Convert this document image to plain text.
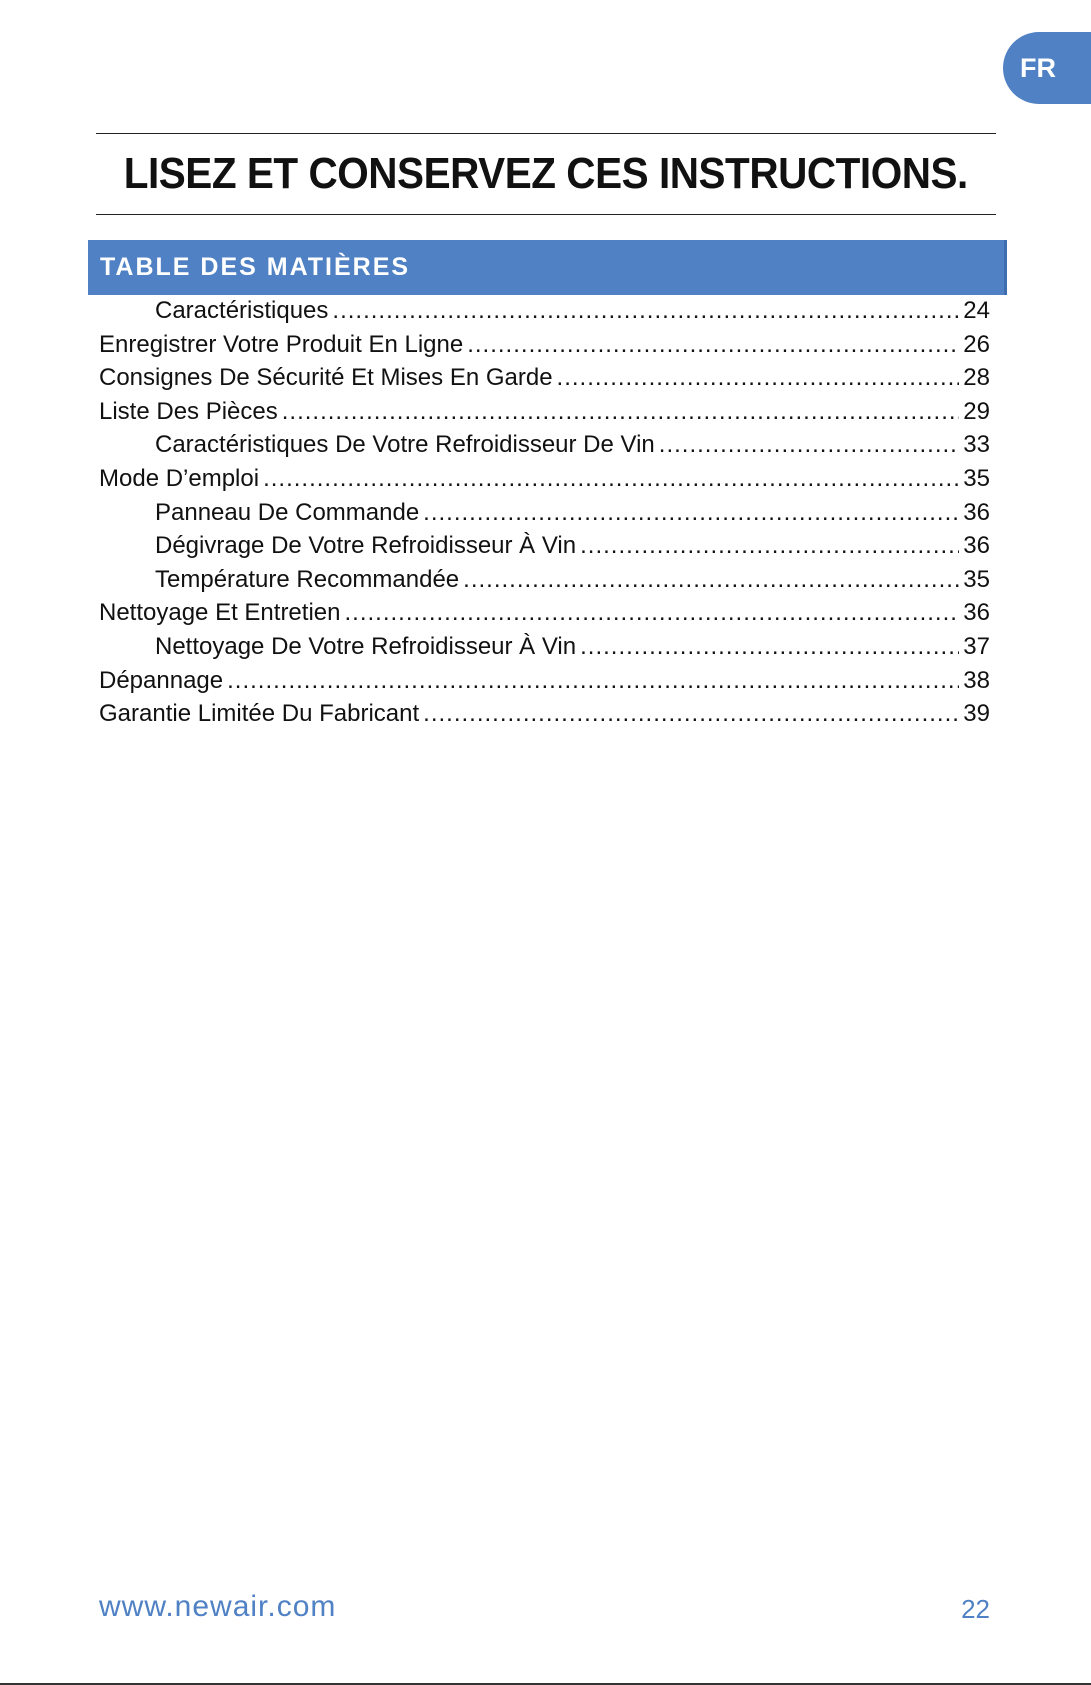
FR
LISEZ ET CONSERVEZ CES INSTRUCTIONS.
TABLE DES MATIÈRES
Caractéristiques .....	24
Enregistrer Votre Produit En Ligne .....	26
Consignes De Sécurité Et Mises En Garde .....	28
Liste Des Pièces .....	29
Caractéristiques De Votre Refroidisseur De Vin .....	33
Mode D’emploi .....	35
Panneau De Commande .....	36
Dégivrage De Votre Refroidisseur À Vin .....	36
Température Recommandée .....	35
Nettoyage Et Entretien .....	36
Nettoyage De Votre Refroidisseur À Vin .....	37
Dépannage .....	38
Garantie Limitée Du Fabricant .....	39
www.newair.com	22
